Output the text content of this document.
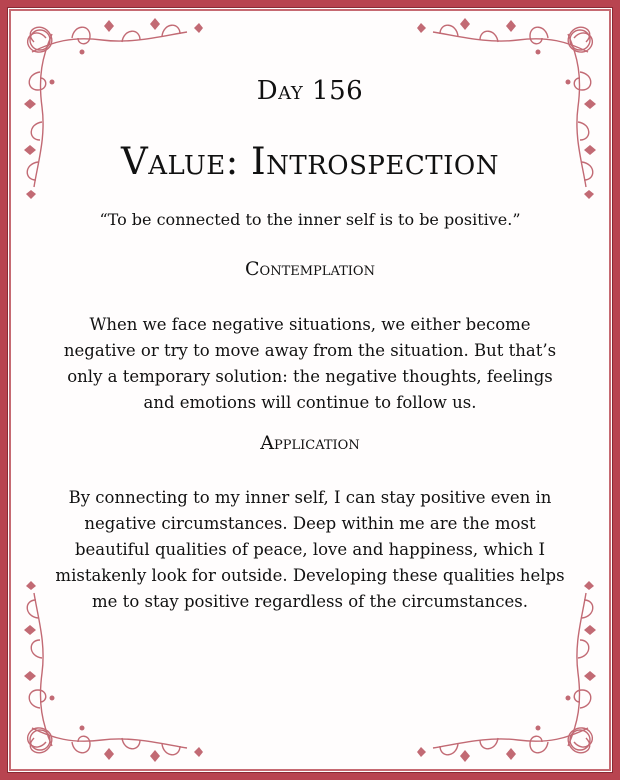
Day 156
Value: Introspection
“To be connected to the inner self is to be positive.”
Contemplation
When we face negative situations, we either become negative or try to move away from the situation. But that’s only a temporary solution: the negative thoughts, feelings and emotions will continue to follow us.
Application
By connecting to my inner self, I can stay positive even in negative circumstances. Deep within me are the most beautiful qualities of peace, love and happiness, which I mistakenly look for outside. Developing these qualities helps me to stay positive regardless of the circumstances.
